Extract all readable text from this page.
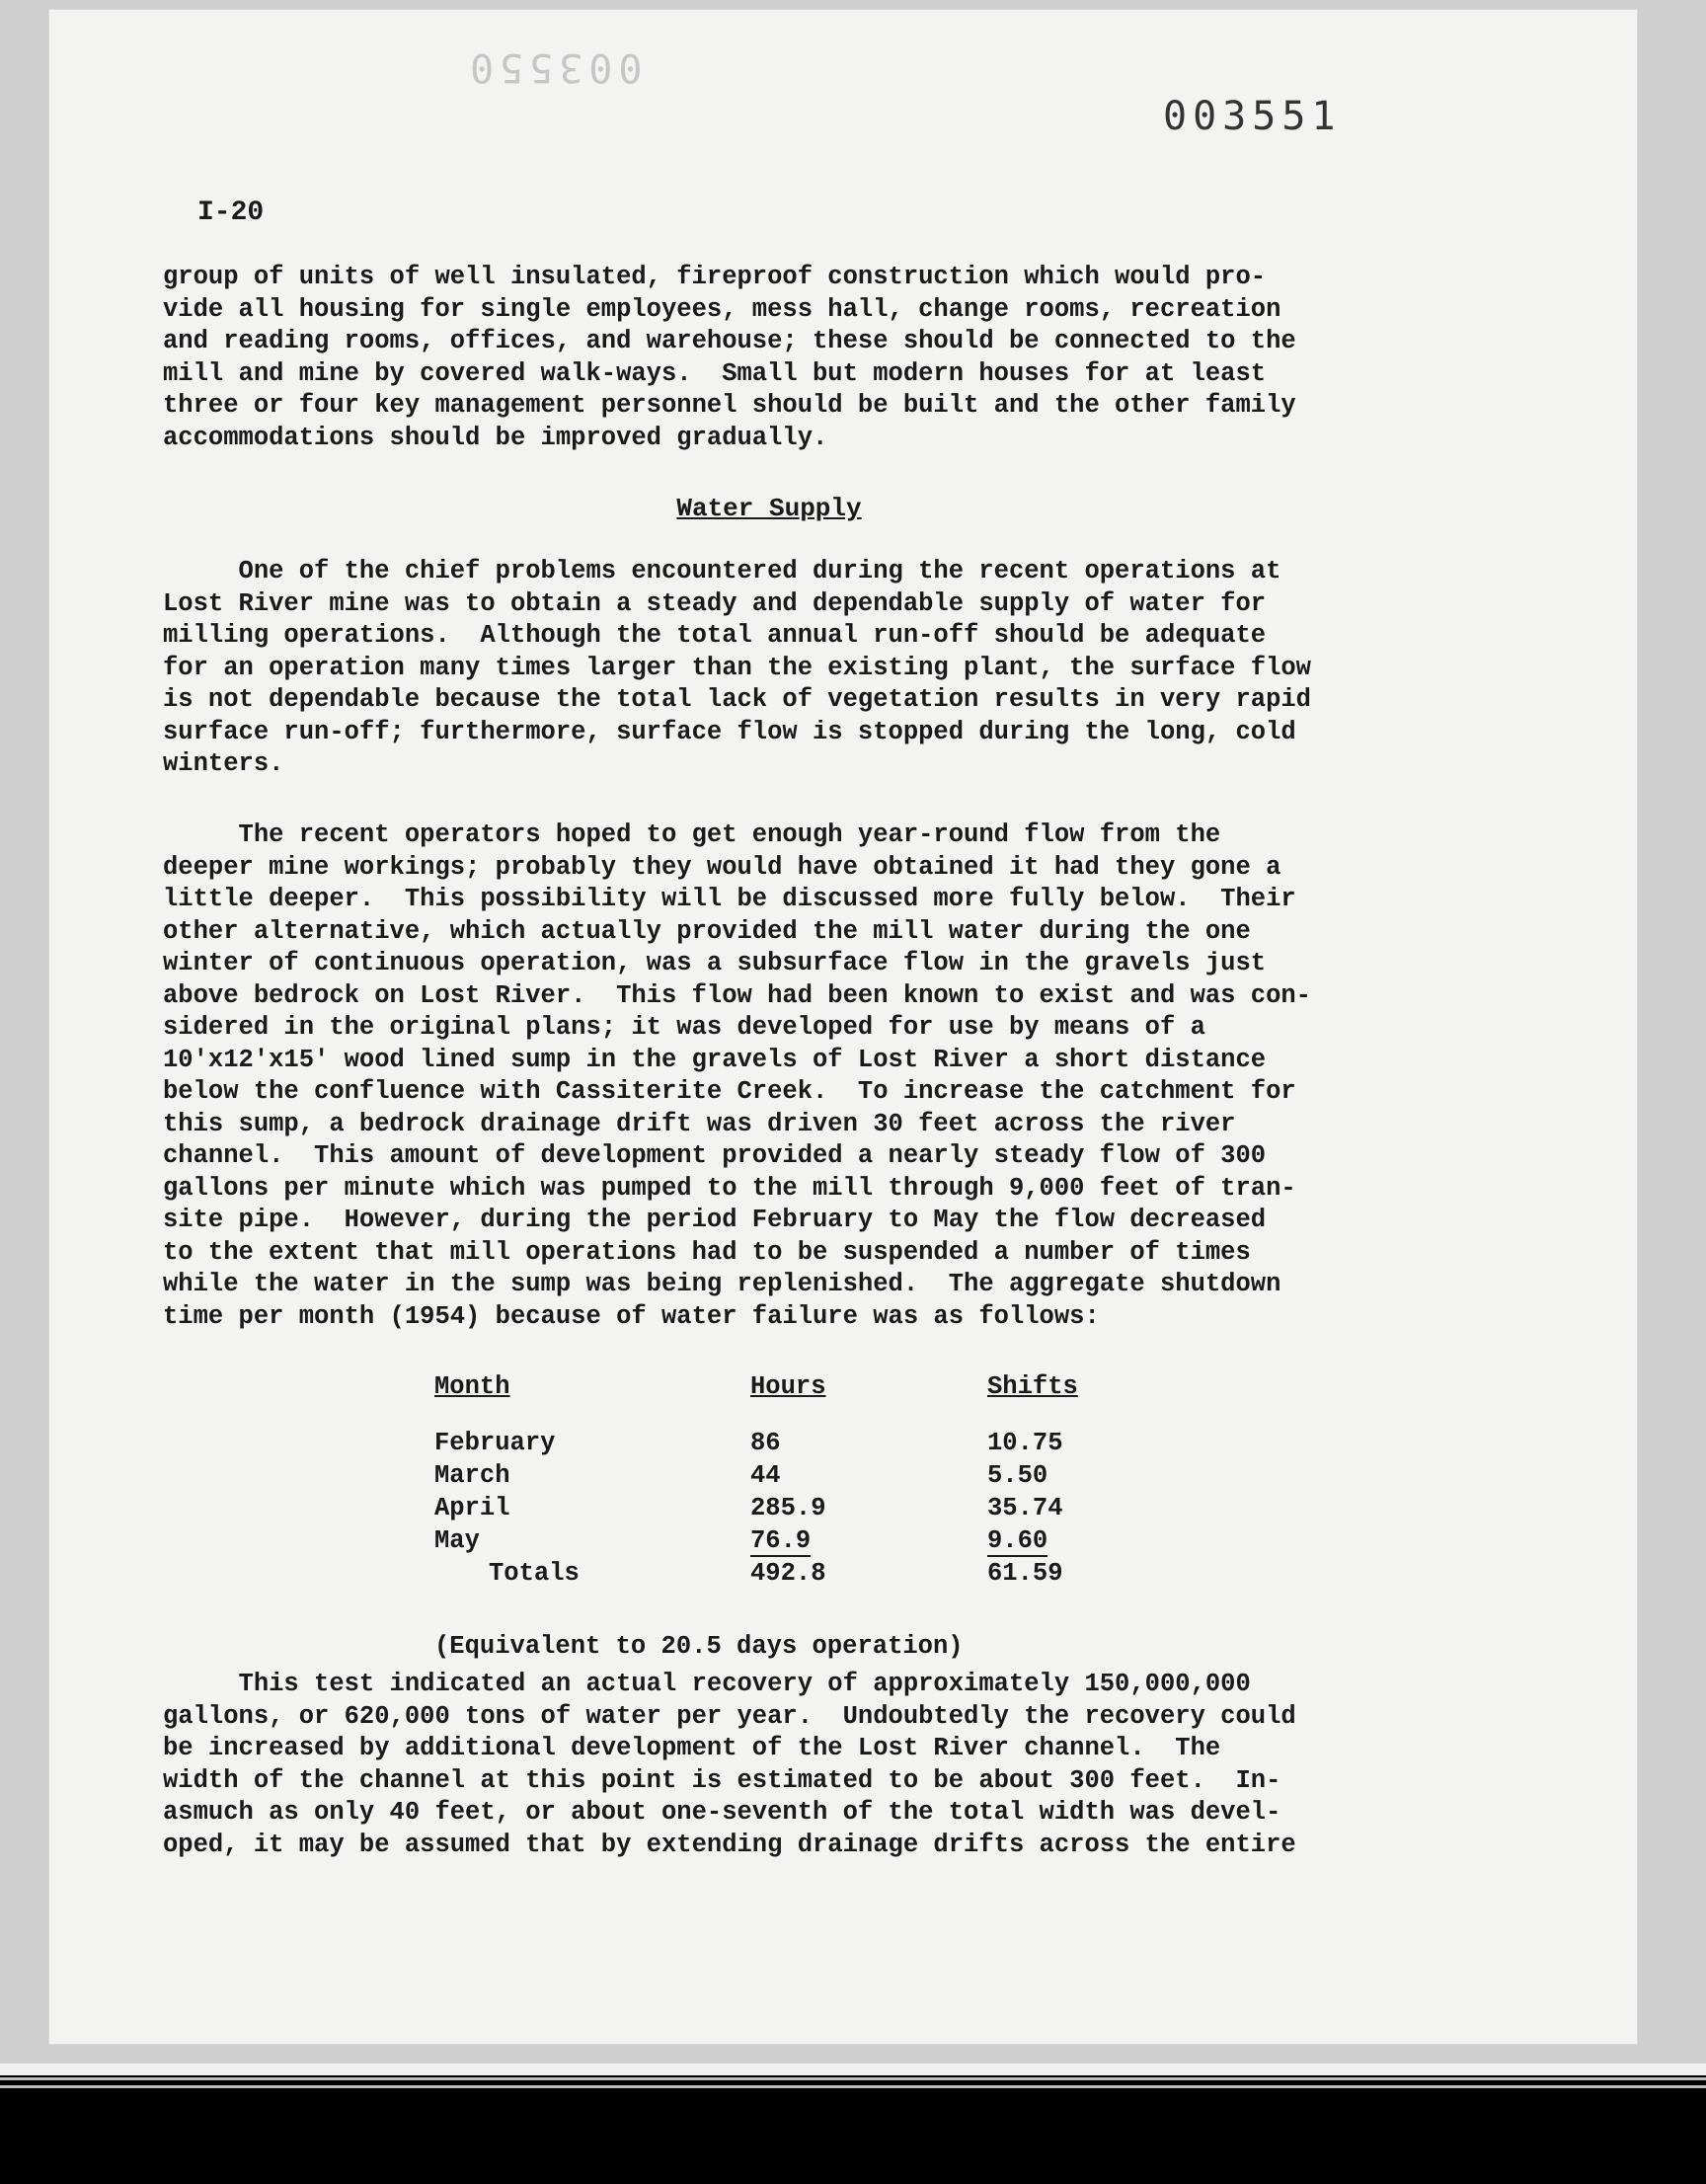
003550
003551
I-20

group of units of well insulated, fireproof construction which would pro-
vide all housing for single employees, mess hall, change rooms, recreation
and reading rooms, offices, and warehouse; these should be connected to the
mill and mine by covered walk-ways.  Small but modern houses for at least
three or four key management personnel should be built and the other family
accommodations should be improved gradually.

Water Supply

One of the chief problems encountered during the recent operations at
Lost River mine was to obtain a steady and dependable supply of water for
milling operations.  Although the total annual run-off should be adequate
for an operation many times larger than the existing plant, the surface flow
is not dependable because the total lack of vegetation results in very rapid
surface run-off; furthermore, surface flow is stopped during the long, cold
winters.

The recent operators hoped to get enough year-round flow from the
deeper mine workings; probably they would have obtained it had they gone a
little deeper.  This possibility will be discussed more fully below.  Their
other alternative, which actually provided the mill water during the one
winter of continuous operation, was a subsurface flow in the gravels just
above bedrock on Lost River.  This flow had been known to exist and was con-
sidered in the original plans; it was developed for use by means of a
10'x12'x15' wood lined sump in the gravels of Lost River a short distance
below the confluence with Cassiterite Creek.  To increase the catchment for
this sump, a bedrock drainage drift was driven 30 feet across the river
channel.  This amount of development provided a nearly steady flow of 300
gallons per minute which was pumped to the mill through 9,000 feet of tran-
site pipe.  However, during the period February to May the flow decreased
to the extent that mill operations had to be suspended a number of times
while the water in the sump was being replenished.  The aggregate shutdown
time per month (1954) because of water failure was as follows:

Month	Hours	Shifts
February	86	10.75
March	44	5.50
April	285.9	35.74
May	76.9	9.60
Totals	492.8	61.59
(Equivalent to 20.5 days operation)

This test indicated an actual recovery of approximately 150,000,000
gallons, or 620,000 tons of water per year.  Undoubtedly the recovery could
be increased by additional development of the Lost River channel.  The
width of the channel at this point is estimated to be about 300 feet.  In-
asmuch as only 40 feet, or about one-seventh of the total width was devel-
oped, it may be assumed that by extending drainage drifts across the entire
